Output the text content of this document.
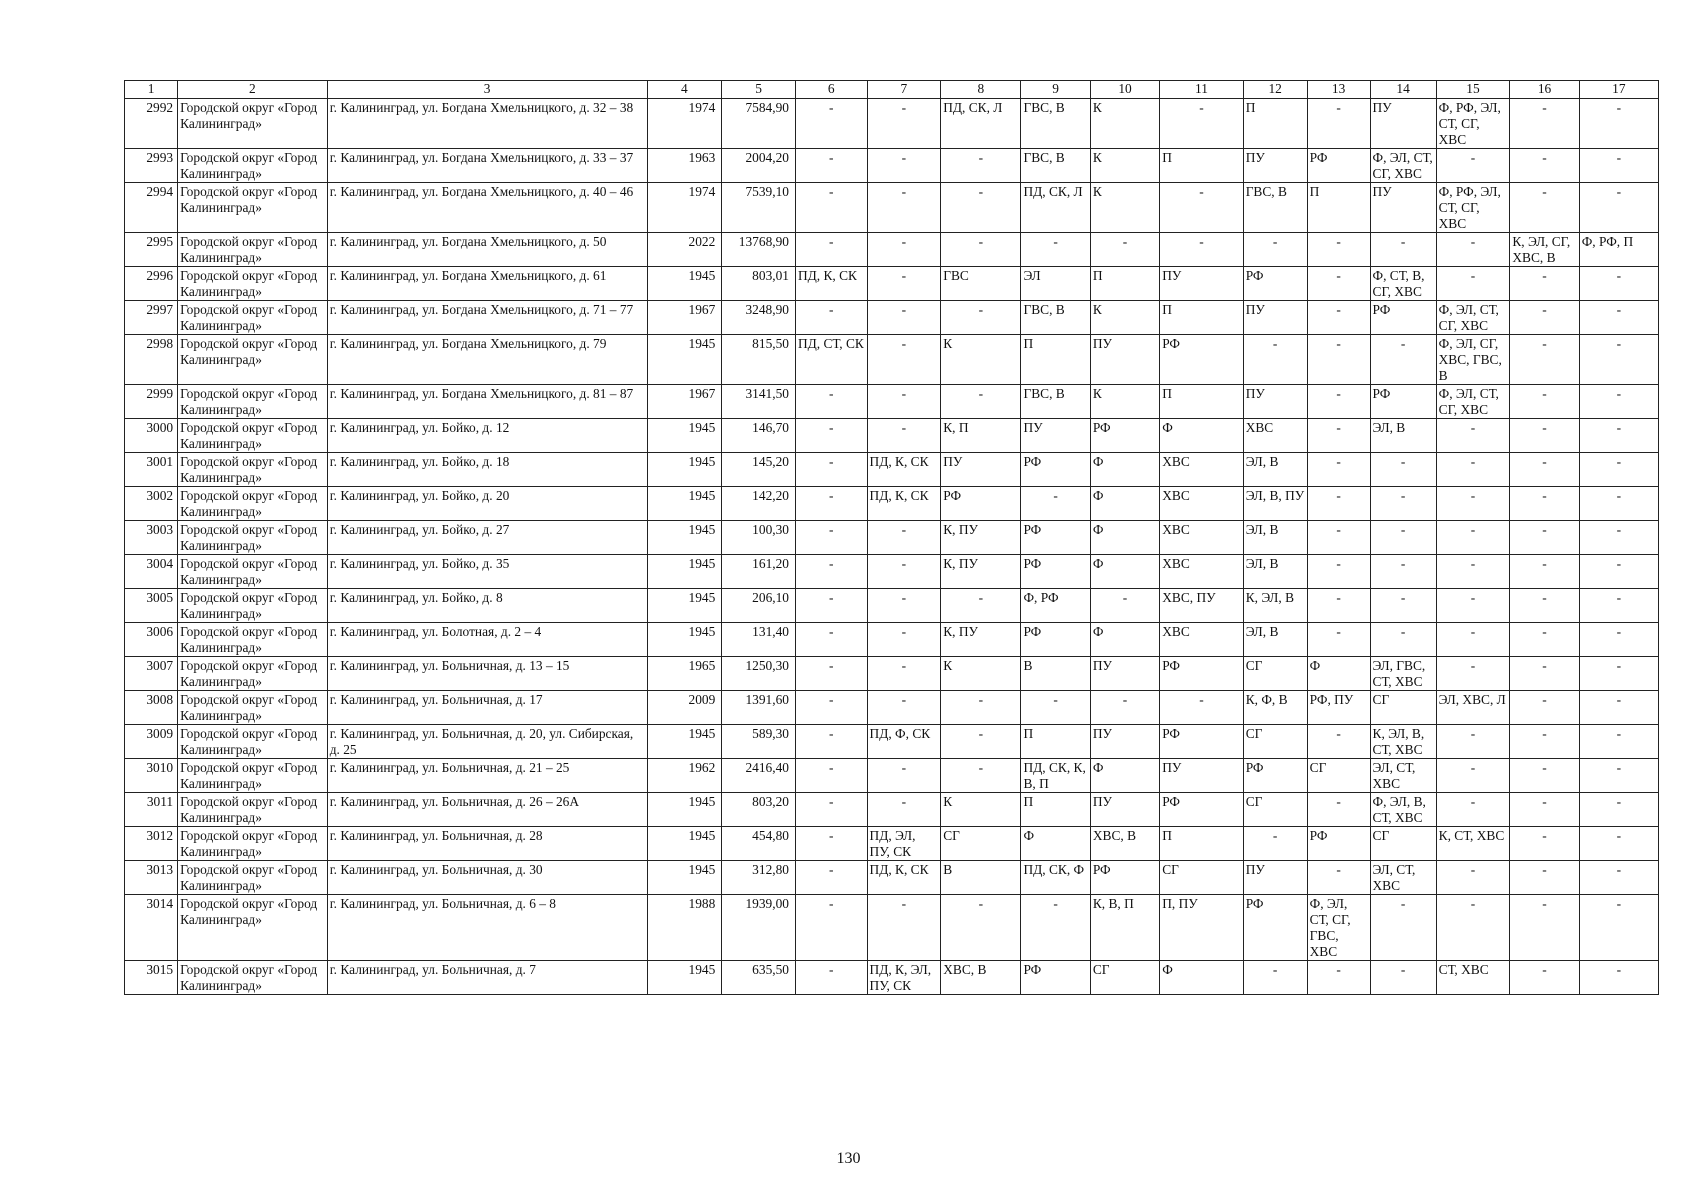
1	2	3	4	5	6	7	8	9	10	11	12	13	14	15	16	17
2992	Городской округ «Город Калининград»	г. Калининград, ул. Богдана Хмельницкого, д. 32 – 38	1974	7584,90	-	-	ПД, СК, Л	ГВС, В	К	-	П	-	ПУ	Ф, РФ, ЭЛ, СТ, СГ, ХВС	-	-
2993	Городской округ «Город Калининград»	г. Калининград, ул. Богдана Хмельницкого, д. 33 – 37	1963	2004,20	-	-	-	ГВС, В	К	П	ПУ	РФ	Ф, ЭЛ, СТ, СГ, ХВС	-	-	-
2994	Городской округ «Город Калининград»	г. Калининград, ул. Богдана Хмельницкого, д. 40 – 46	1974	7539,10	-	-	-	ПД, СК, Л	К	-	ГВС, В	П	ПУ	Ф, РФ, ЭЛ, СТ, СГ, ХВС	-	-
2995	Городской округ «Город Калининград»	г. Калининград, ул. Богдана Хмельницкого, д. 50	2022	13768,90	-	-	-	-	-	-	-	-	-	-	К, ЭЛ, СГ, ХВС, В	Ф, РФ, П
2996	Городской округ «Город Калининград»	г. Калининград, ул. Богдана Хмельницкого, д. 61	1945	803,01	ПД, К, СК	-	ГВС	ЭЛ	П	ПУ	РФ	-	Ф, СТ, В, СГ, ХВС	-	-	-
2997	Городской округ «Город Калининград»	г. Калининград, ул. Богдана Хмельницкого, д. 71 – 77	1967	3248,90	-	-	-	ГВС, В	К	П	ПУ	-	РФ	Ф, ЭЛ, СТ, СГ, ХВС	-	-
2998	Городской округ «Город Калининград»	г. Калининград, ул. Богдана Хмельницкого, д. 79	1945	815,50	ПД, СТ, СК	-	К	П	ПУ	РФ	-	-	-	Ф, ЭЛ, СГ, ХВС, ГВС, В	-	-
2999	Городской округ «Город Калининград»	г. Калининград, ул. Богдана Хмельницкого, д. 81 – 87	1967	3141,50	-	-	-	ГВС, В	К	П	ПУ	-	РФ	Ф, ЭЛ, СТ, СГ, ХВС	-	-
3000	Городской округ «Город Калининград»	г. Калининград, ул. Бойко, д. 12	1945	146,70	-	-	К, П	ПУ	РФ	Ф	ХВС	-	ЭЛ, В	-	-	-
3001	Городской округ «Город Калининград»	г. Калининград, ул. Бойко, д. 18	1945	145,20	-	ПД, К, СК	ПУ	РФ	Ф	ХВС	ЭЛ, В	-	-	-	-	-
3002	Городской округ «Город Калининград»	г. Калининград, ул. Бойко, д. 20	1945	142,20	-	ПД, К, СК	РФ	-	Ф	ХВС	ЭЛ, В, ПУ	-	-	-	-	-
3003	Городской округ «Город Калининград»	г. Калининград, ул. Бойко, д. 27	1945	100,30	-	-	К, ПУ	РФ	Ф	ХВС	ЭЛ, В	-	-	-	-	-
3004	Городской округ «Город Калининград»	г. Калининград, ул. Бойко, д. 35	1945	161,20	-	-	К, ПУ	РФ	Ф	ХВС	ЭЛ, В	-	-	-	-	-
3005	Городской округ «Город Калининград»	г. Калининград, ул. Бойко, д. 8	1945	206,10	-	-	-	Ф, РФ	-	ХВС, ПУ	К, ЭЛ, В	-	-	-	-	-
3006	Городской округ «Город Калининград»	г. Калининград, ул. Болотная, д. 2 – 4	1945	131,40	-	-	К, ПУ	РФ	Ф	ХВС	ЭЛ, В	-	-	-	-	-
3007	Городской округ «Город Калининград»	г. Калининград, ул. Больничная, д. 13 – 15	1965	1250,30	-	-	К	В	ПУ	РФ	СГ	Ф	ЭЛ, ГВС, СТ, ХВС	-	-	-
3008	Городской округ «Город Калининград»	г. Калининград, ул. Больничная, д. 17	2009	1391,60	-	-	-	-	-	-	К, Ф, В	РФ, ПУ	СГ	ЭЛ, ХВС, Л	-	-
3009	Городской округ «Город Калининград»	г. Калининград, ул. Больничная, д. 20, ул. Сибирская, д. 25	1945	589,30	-	ПД, Ф, СК	-	П	ПУ	РФ	СГ	-	К, ЭЛ, В, СТ, ХВС	-	-	-
3010	Городской округ «Город Калининград»	г. Калининград, ул. Больничная, д. 21 – 25	1962	2416,40	-	-	-	ПД, СК, К, В, П	Ф	ПУ	РФ	СГ	ЭЛ, СТ, ХВС	-	-	-
3011	Городской округ «Город Калининград»	г. Калининград, ул. Больничная, д. 26 – 26А	1945	803,20	-	-	К	П	ПУ	РФ	СГ	-	Ф, ЭЛ, В, СТ, ХВС	-	-	-
3012	Городской округ «Город Калининград»	г. Калининград, ул. Больничная, д. 28	1945	454,80	-	ПД, ЭЛ, ПУ, СК	СГ	Ф	ХВС, В	П	-	РФ	СГ	К, СТ, ХВС	-	-
3013	Городской округ «Город Калининград»	г. Калининград, ул. Больничная, д. 30	1945	312,80	-	ПД, К, СК	В	ПД, СК, Ф	РФ	СГ	ПУ	-	ЭЛ, СТ, ХВС	-	-	-
3014	Городской округ «Город Калининград»	г. Калининград, ул. Больничная, д. 6 – 8	1988	1939,00	-	-	-	-	К, В, П	П, ПУ	РФ	Ф, ЭЛ, СТ, СГ, ГВС, ХВС	-	-	-	-
3015	Городской округ «Город Калининград»	г. Калининград, ул. Больничная, д. 7	1945	635,50	-	ПД, К, ЭЛ, ПУ, СК	ХВС, В	РФ	СГ	Ф	-	-	-	СТ, ХВС	-	-
130
